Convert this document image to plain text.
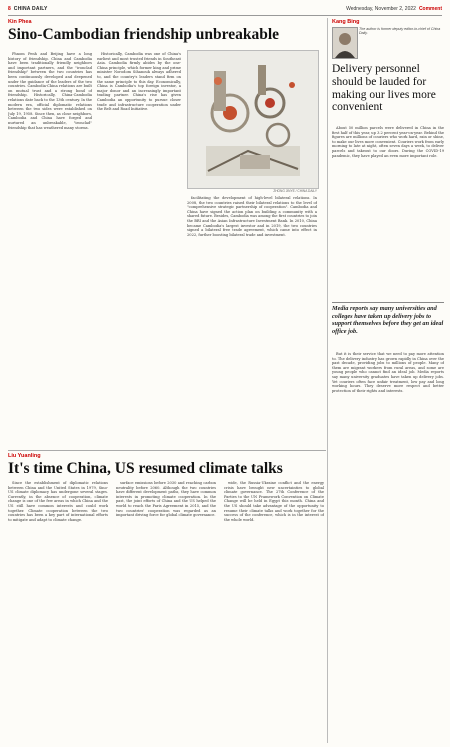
8 CHINA DAILY	Wednesday, November 2, 2022 Comment
Kin Phea
Sino-Cambodian friendship unbreakable

Phnom Penh and Beijing have a long history of friendship. China and Cambodia have been traditionally friendly neighbors and important partners, and the "ironclad friendship" between the two countries has been continuously developed and deepened under the guidance of the leaders of the two countries. Cambodia-China relations are built on mutual trust and a strong bond of friendship. Historically, China-Cambodia relations date back to the 13th century. In the modern era, official diplomatic relations between the two sides were established on July 19, 1958. Since then, as close neighbors, Cambodia and China have forged and nurtured an unbreakable, "ironclad" friendship that has weathered many storms.

Historically, Cambodia was one of China's earliest and most trusted friends in Southeast Asia. Cambodia firmly abides by the one-China principle, which former king and prime minister Norodom Sihanouk always adhered to, and the country's leaders stand firm on the same principle to this day. Economically, China is Cambodia's top foreign investor, a major donor and an increasingly important trading partner. China's rise has given Cambodia an opportunity to pursue closer trade and infrastructure cooperation under the Belt and Road Initiative.

ZHONG JINYE / CHINA DAILY

facilitating the development of high-level bilateral relations. In 2008, the two countries raised their bilateral relations to the level of "comprehensive strategic partnership of cooperation". Cambodia and China have signed the action plan on building a community with a shared future. Besides, Cambodia was among the first countries to join the BRI and the Asian Infrastructure Investment Bank. In 2010, China became Cambodia's largest investor and in 2019, the two countries signed a bilateral free trade agreement, which came into effect in 2022, further boosting bilateral trade and investment.

Liu Yuanling
It's time China, US resumed climate talks

Since the establishment of diplomatic relations between China and the United States in 1979, Sino-US climate diplomacy has undergone several stages. Currently, in the absence of cooperation, climate change is one of the few areas in which China and the US still have common interests and could work together. Climate cooperation between the two countries has been a key part of international efforts to mitigate and adapt to climate change.

surface emissions before 2030 and reaching carbon neutrality before 2060. Although the two countries have different development paths, they have common interests in promoting climate cooperation. In the past, the joint efforts of China and the US helped the world to reach the Paris Agreement in 2015, and the two countries' cooperation was regarded as an important driving force for global climate governance.

wide, the Russia-Ukraine conflict and the energy crisis have brought new uncertainties to global climate governance. The 27th Conference of the Parties to the UN Framework Convention on Climate Change will be held in Egypt this month. China and the US should take advantage of the opportunity to resume their climate talks and work together for the success of the conference, which is in the interest of the whole world.

Kang Bing
The author is former deputy editor-in-chief of China Daily.
Delivery personnel should be lauded for making our lives more convenient

About 50 million parcels were delivered in China in the first half of this year, up 3.2 percent year-on-year. Behind the figures are millions of couriers who work hard, rain or shine, to make our lives more convenient. Couriers work from early morning to late at night, often seven days a week, to deliver parcels and takeout to our doors. During the COVID-19 pandemic, they have played an even more important role.

Media reports say many universities and colleges have taken up delivery jobs to support themselves before they get an ideal office job.

But it is their service that we need to pay more attention to. The delivery industry has grown rapidly in China over the past decade, providing jobs to millions of people. Many of them are migrant workers from rural areas, and some are young people who cannot find an ideal job. Media reports say many university graduates have taken up delivery jobs. Yet couriers often face unfair treatment, low pay and long working hours. They deserve more respect and better protection of their rights and interests.
